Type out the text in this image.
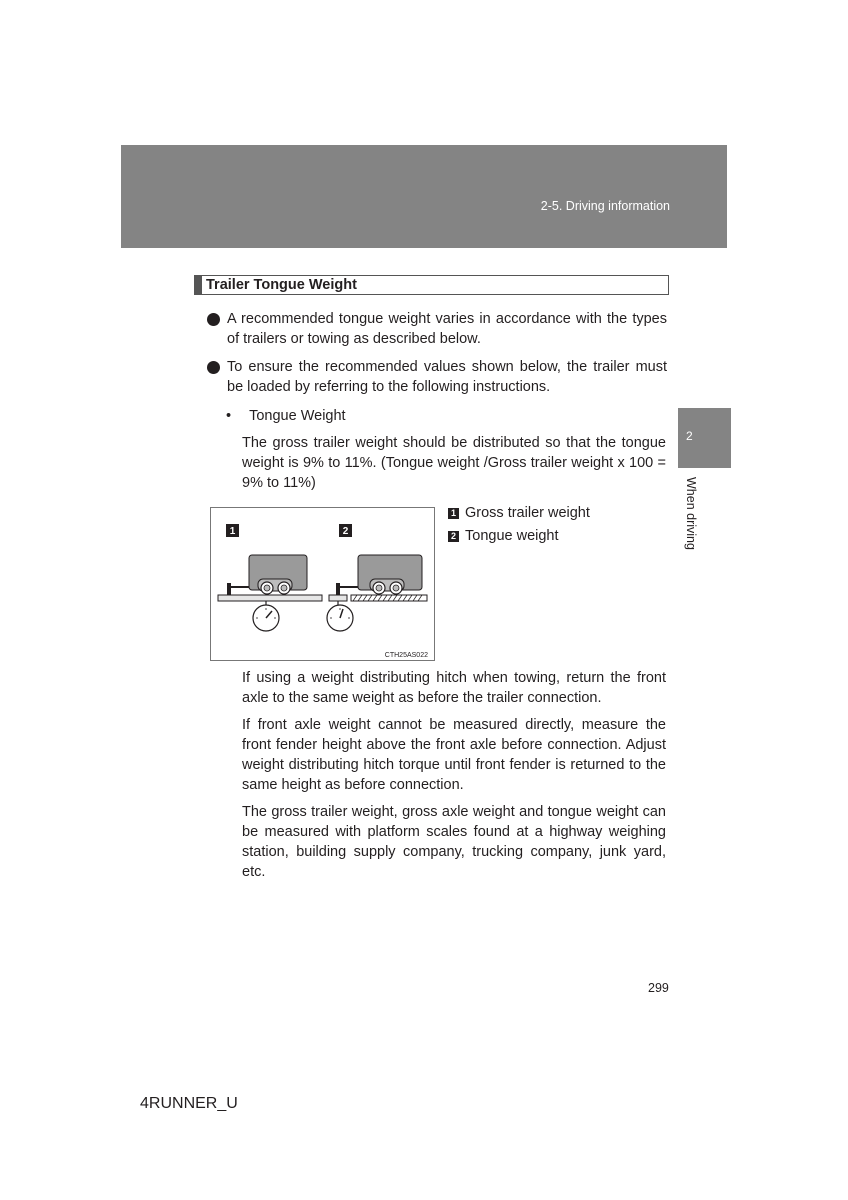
2-5. Driving information
2
When driving
Trailer Tongue Weight
A recommended tongue weight varies in accordance with the types of trailers or towing as described below.
To ensure the recommended values shown below, the trailer must be loaded by referring to the following instructions.
• Tongue Weight
The gross trailer weight should be distributed so that the tongue weight is 9% to 11%. (Tongue weight /Gross trailer weight x 100 = 9% to 11%)
1	2
CTH25AS022
1 Gross trailer weight
2 Tongue weight
If using a weight distributing hitch when towing, return the front axle to the same weight as before the trailer connection.
If front axle weight cannot be measured directly, measure the front fender height above the front axle before connection. Adjust weight distributing hitch torque until front fender is returned to the same height as before connection.
The gross trailer weight, gross axle weight and tongue weight can be measured with platform scales found at a highway weighing station, building supply company, trucking company, junk yard, etc.
299
4RUNNER_U
